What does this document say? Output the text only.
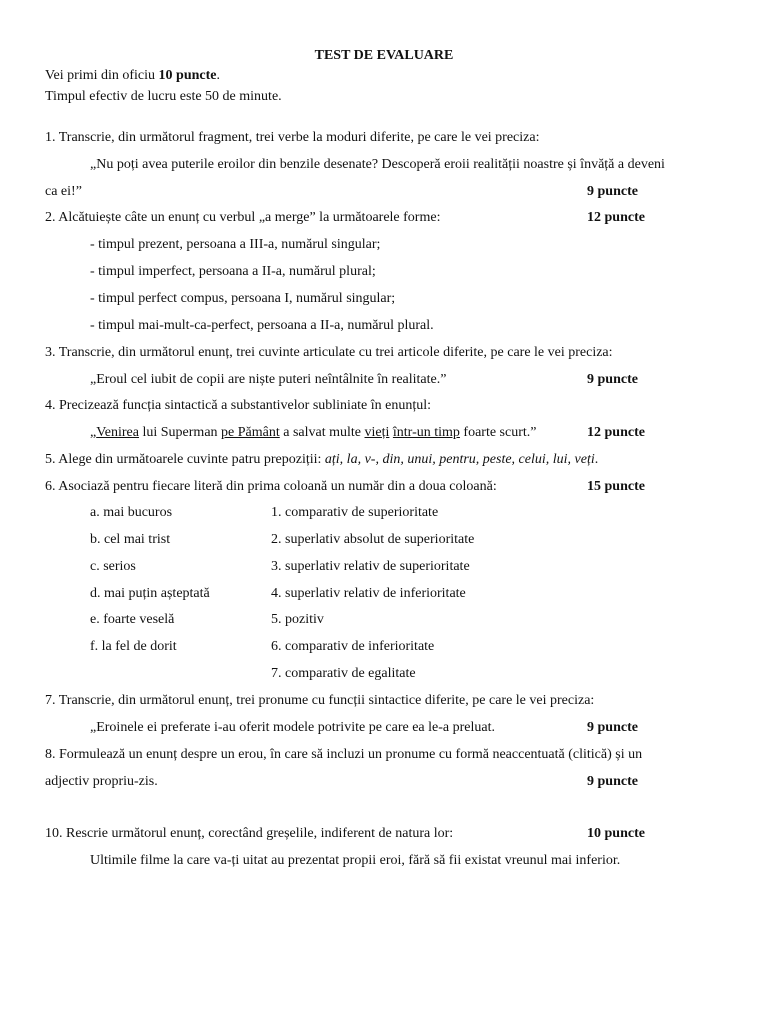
TEST DE EVALUARE
Vei primi din oficiu 10 puncte.
Timpul efectiv de lucru este 50 de minute.
1. Transcrie, din următorul fragment, trei verbe la moduri diferite, pe care le vei preciza:
„Nu poți avea puterile eroilor din benzile desenate? Descoperă eroii realității noastre și învăță a deveni
ca ei!”	9 puncte
2. Alcătuiește câte un enunț cu verbul „a merge” la următoarele forme:	12 puncte
- timpul prezent, persoana a III-a, numărul singular;
- timpul imperfect, persoana a II-a, numărul plural;
- timpul perfect compus, persoana I, numărul singular;
- timpul mai-mult-ca-perfect, persoana a II-a, numărul plural.
3. Transcrie, din următorul enunț, trei cuvinte articulate cu trei articole diferite, pe care le vei preciza:
„Eroul cel iubit de copii are niște puteri neîntâlnite în realitate.”	9 puncte
4. Precizează funcția sintactică a substantivelor subliniate în enunțul:
„Venirea lui Superman pe Pământ a salvat multe vieți într-un timp foarte scurt.”	12 puncte
5. Alege din următoarele cuvinte patru prepoziții: ați, la, v-, din, unui, pentru, peste, celui, lui, veți.
6. Asociază pentru fiecare literă din prima coloană un număr din a doua coloană:	15 puncte
a. mai bucuros	1. comparativ de superioritate
b. cel mai trist	2. superlativ absolut de superioritate
c. serios	3. superlativ relativ de superioritate
d. mai puțin așteptată	4. superlativ relativ de inferioritate
e. foarte veselă	5. pozitiv
f. la fel de dorit	6. comparativ de inferioritate
7. comparativ de egalitate
7. Transcrie, din următorul enunț, trei pronume cu funcții sintactice diferite, pe care le vei preciza:
„Eroinele ei preferate i-au oferit modele potrivite pe care ea le-a preluat.	9 puncte
8. Formulează un enunț despre un erou, în care să incluzi un pronume cu formă neaccentuată (clitică) și un
adjectiv propriu-zis.	9 puncte
10. Rescrie următorul enunț, corectând greșelile, indiferent de natura lor:	10 puncte
Ultimile filme la care va-ți uitat au prezentat propii eroi, fără să fii existat vreunul mai inferior.
